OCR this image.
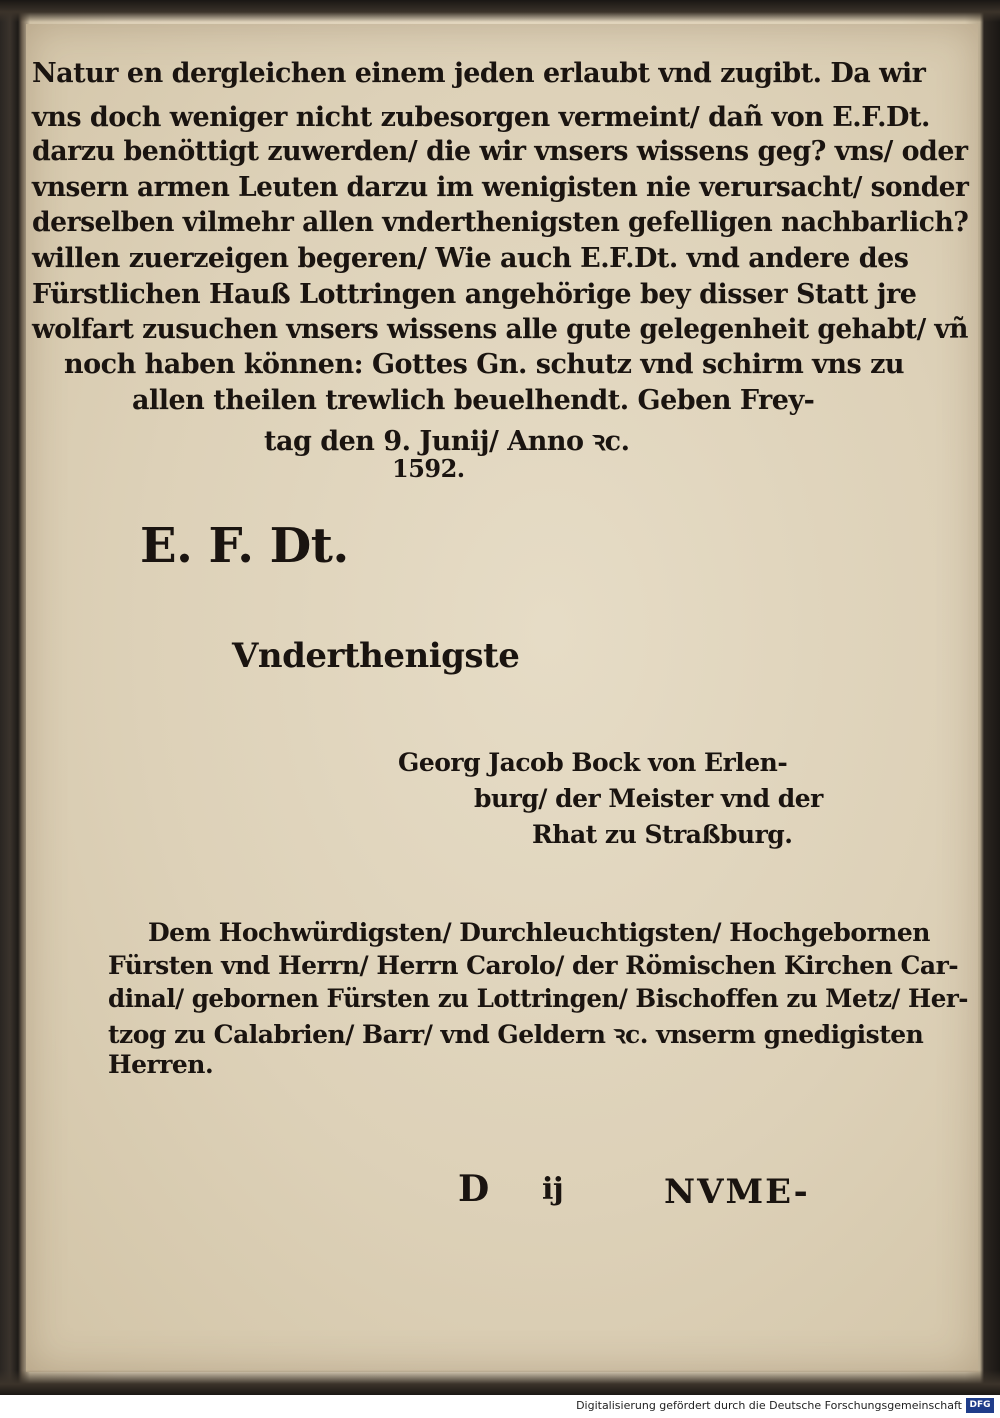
Natur en dergleichen einem jeden erlaubt vnd zugibt. Da wir
vns doch weniger nicht zubesorgen vermeint/ dañ von E.F.Dt.
darzu benöttigt zuwerden/ die wir vnsers wissens geg? vns/ oder
vnsern armen Leuten darzu im wenigisten nie verursacht/ sonder
derselben vilmehr allen vnderthenigsten gefelligen nachbarlich?
willen zuerzeigen begeren/ Wie auch E.F.Dt. vnd andere des
Fürstlichen Hauß Lottringen angehörige bey disser Statt jre
wolfart zusuchen vnsers wissens alle gute gelegenheit gehabt/ vñ
noch haben können: Gottes Gn. schutz vnd schirm vns zu
allen theilen trewlich beuelhendt. Geben Frey-
tag den 9. Junij/ Anno ꝛc.
1592.
E. F. Dt.
Vnderthenigste
Georg Jacob Bock von Erlen-
burg/ der Meister vnd der
Rhat zu Straßburg.
Dem Hochwürdigsten/ Durchleuchtigsten/ Hochgebornen
Fürsten vnd Herrn/ Herrn Carolo/ der Römischen Kirchen Car-
dinal/ gebornen Fürsten zu Lottringen/ Bischoffen zu Metz/ Her-
tzog zu Calabrien/ Barr/ vnd Geldern ꝛc. vnserm gnedigisten
Herren.
D ij	NVME-
Digitalisierung gefördert durch die Deutsche Forschungsgemeinschaft DFG
